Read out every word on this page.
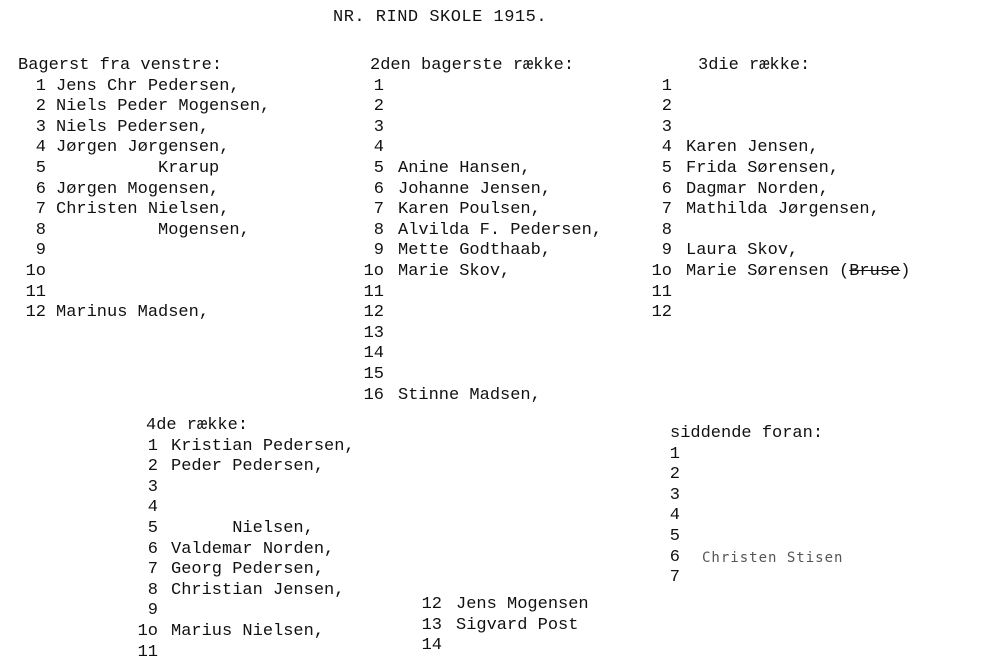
NR. RIND SKOLE 1915.
Bagerst fra venstre:
1 Jens Chr Pedersen,
2 Niels Peder Mogensen,
3 Niels Pedersen,
4 Jørgen Jørgensen,
5 Krarup
6 Jørgen Mogensen,
7 Christen Nielsen,
8 Mogensen,
9
1o
11
12 Marinus Madsen,
2den bagerste række:
1
2
3
4
5 Anine Hansen,
6 Johanne Jensen,
7 Karen Poulsen,
8 Alvilda F. Pedersen,
9 Mette Godthaab,
1o Marie Skov,
11
12
13
14
15
16 Stinne Madsen,
3die række:
1
2
3
4 Karen Jensen,
5 Frida Sørensen,
6 Dagmar Norden,
7 Mathilda Jørgensen,
8
9 Laura Skov,
1o Marie Sørensen ( Bruse )
11
12
4de række:
1 Kristian Pedersen,
2 Peder Pedersen,
3
4
5 Nielsen,
6 Valdemar Norden,
7 Georg Pedersen,
8 Christian Jensen,
9
1o Marius Nielsen,
11
12 Jens Mogensen
13 Sigvard Post
14
siddende foran:
1
2
3
4
5
6	Christen Stisen
7
